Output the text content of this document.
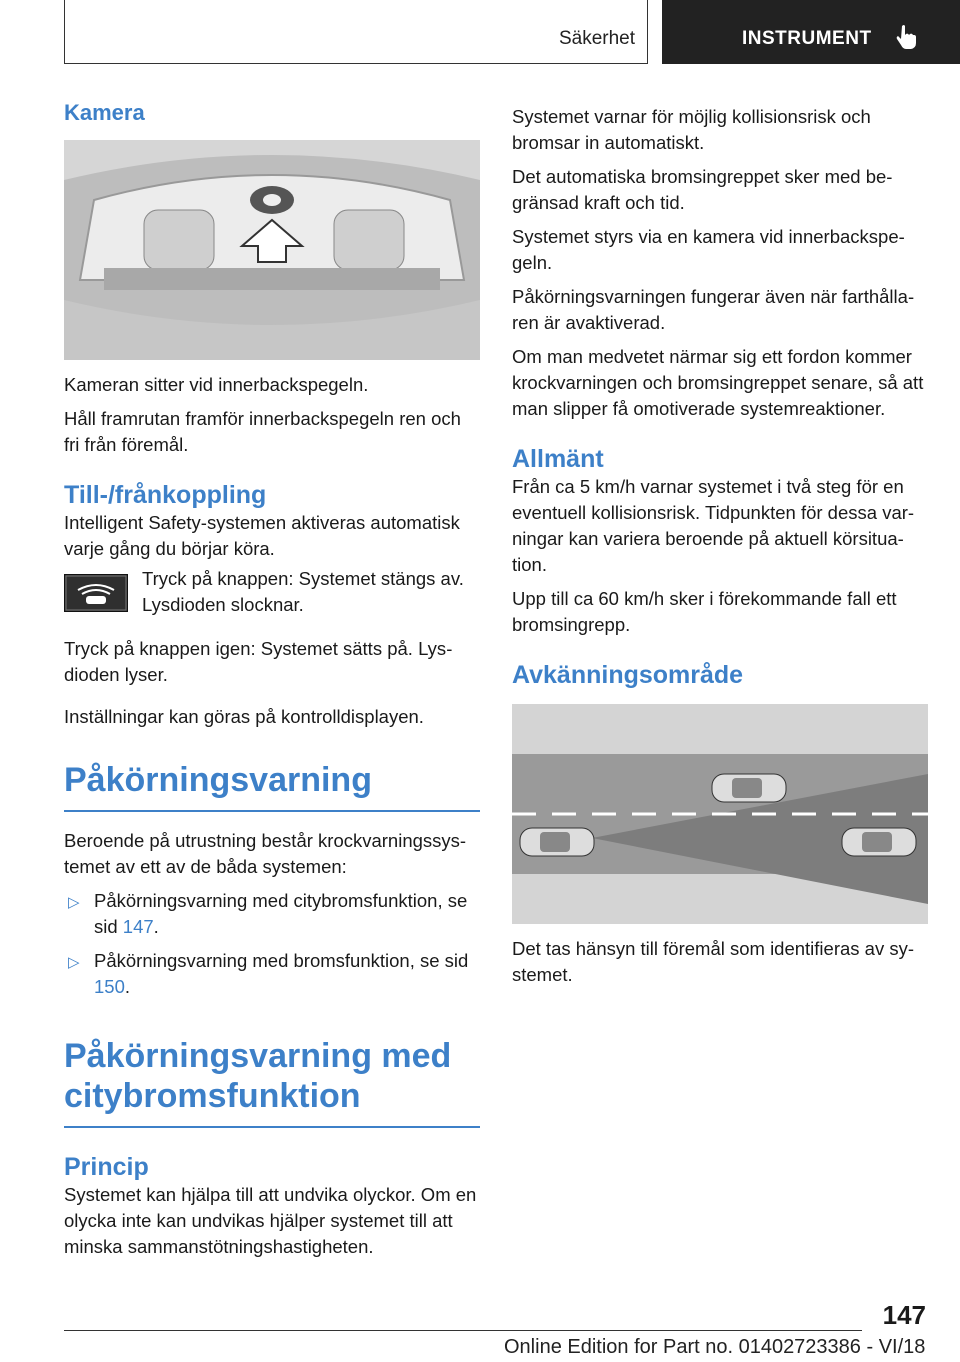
Säkerhet	INSTRUMENT
Kamera

Kameran sitter vid innerbackspegeln.

Håll framrutan framför innerbackspegeln ren och fri från föremål.

Till-/frånkoppling

Intelligent Safety-systemen aktiveras automatisk varje gång du börjar köra.

Tryck på knappen: Systemet stängs av. Lysdioden slocknar.

Tryck på knappen igen: Systemet sätts på. Lysdioden lyser.

Inställningar kan göras på kontrolldisplayen.

Påkörningsvarning

Beroende på utrustning består krockvarningssystemet av ett av de båda systemen:

▷ Påkörningsvarning med citybromsfunktion, se sid 147.

▷ Påkörningsvarning med bromsfunktion, se sid 150.

Påkörningsvarning med citybromsfunktion
Princip

Systemet kan hjälpa till att undvika olyckor. Om en olycka inte kan undvikas hjälper systemet till att minska sammanstötningshastigheten.

Systemet varnar för möjlig kollisionsrisk och bromsar in automatiskt.

Det automatiska bromsingreppet sker med begränsad kraft och tid.

Systemet styrs via en kamera vid innerbackspegeln.

Påkörningsvarningen fungerar även när farthållaren är avaktiverad.

Om man medvetet närmar sig ett fordon kommer krockvarningen och bromsingreppet senare, så att man slipper få omotiverade systemreaktioner.

Allmänt

Från ca 5 km/h varnar systemet i två steg för en eventuell kollisionsrisk. Tidpunkten för dessa varningar kan variera beroende på aktuell körsituation.

Upp till ca 60 km/h sker i förekommande fall ett bromsingrepp.

Avkänningsområde

Det tas hänsyn till föremål som identifieras av systemet.

147
Online Edition for Part no. 01402723386 - VI/18
